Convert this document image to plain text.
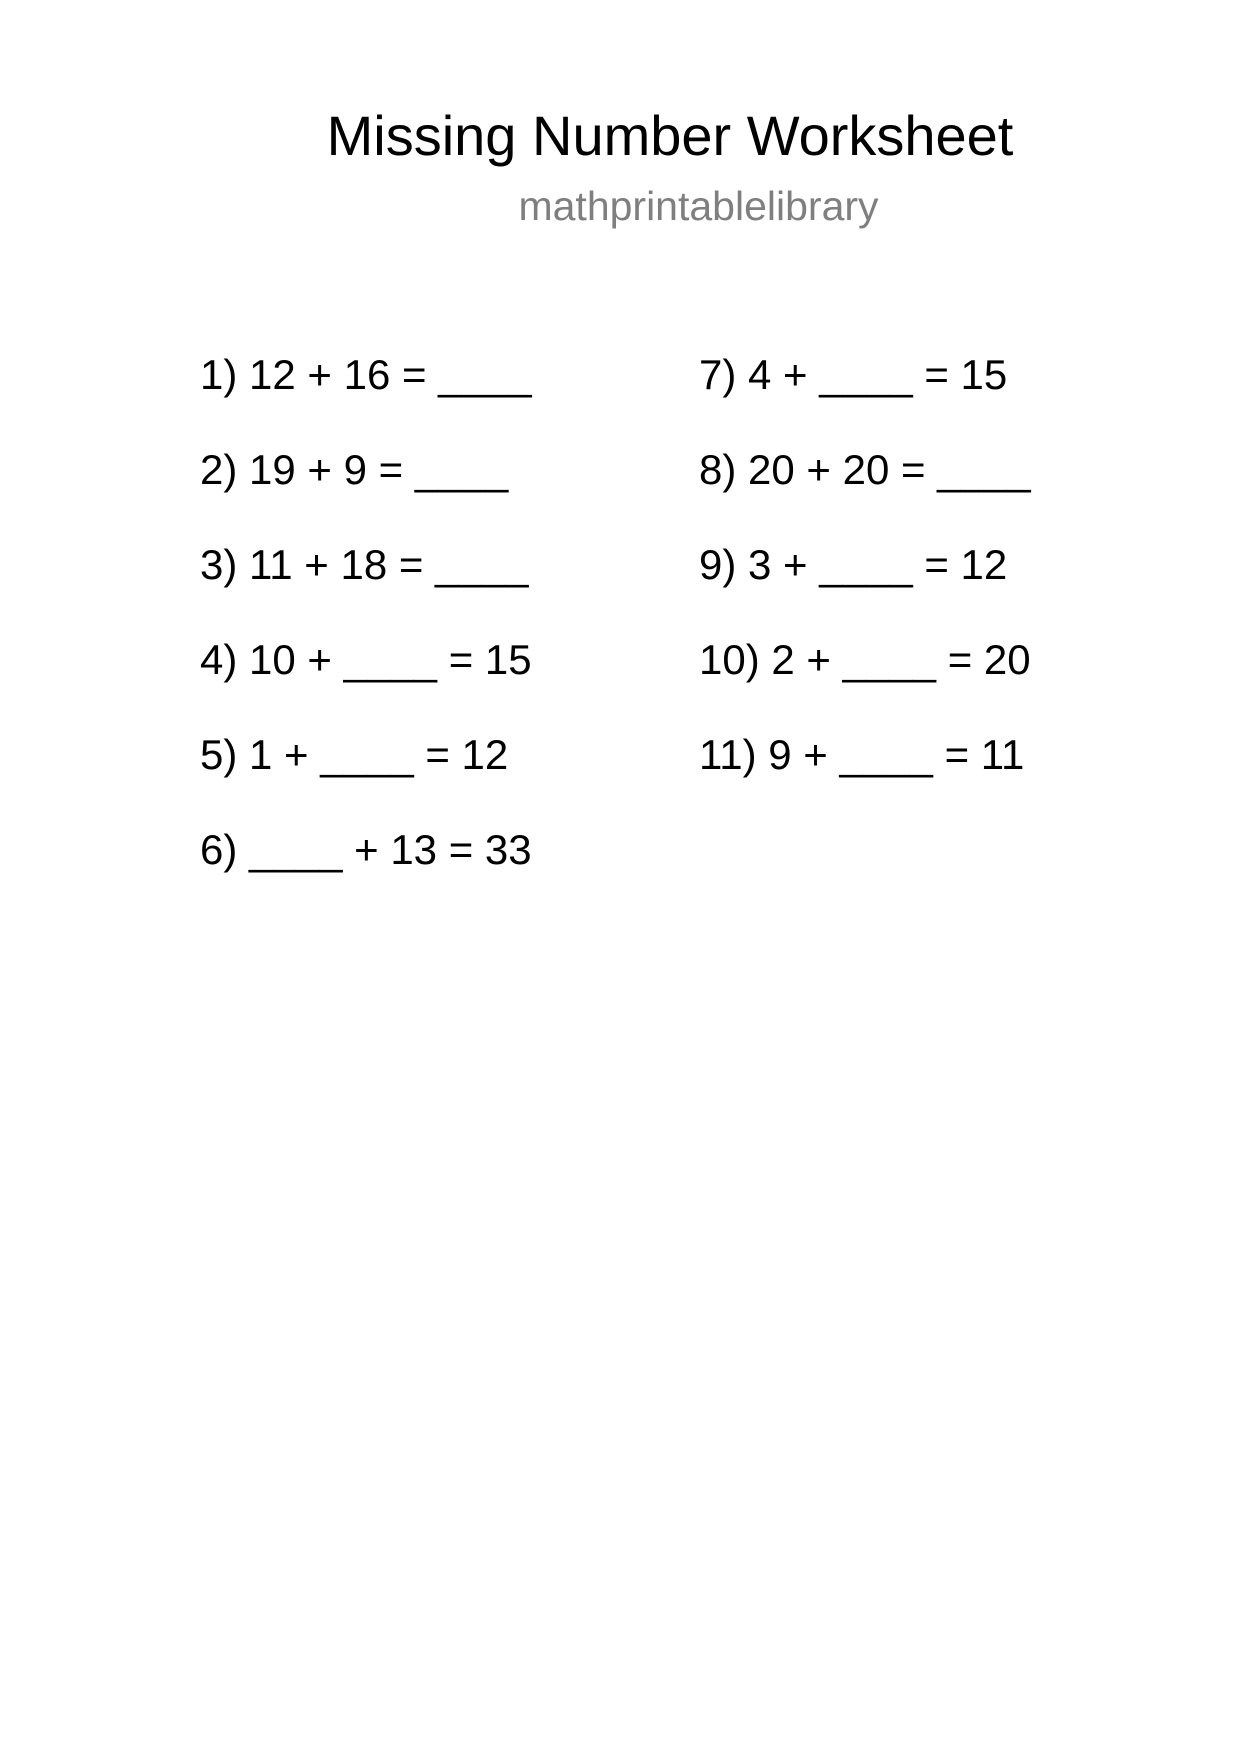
Missing Number Worksheet
mathprintablelibrary
1) 12 + 16 = ____
2) 19 + 9 = ____
3) 11 + 18 = ____
4) 10 + ____ = 15
5) 1 + ____ = 12
6) ____ + 13 = 33
7) 4 + ____ = 15
8) 20 + 20 = ____
9) 3 + ____ = 12
10) 2 + ____ = 20
11) 9 + ____ = 11
